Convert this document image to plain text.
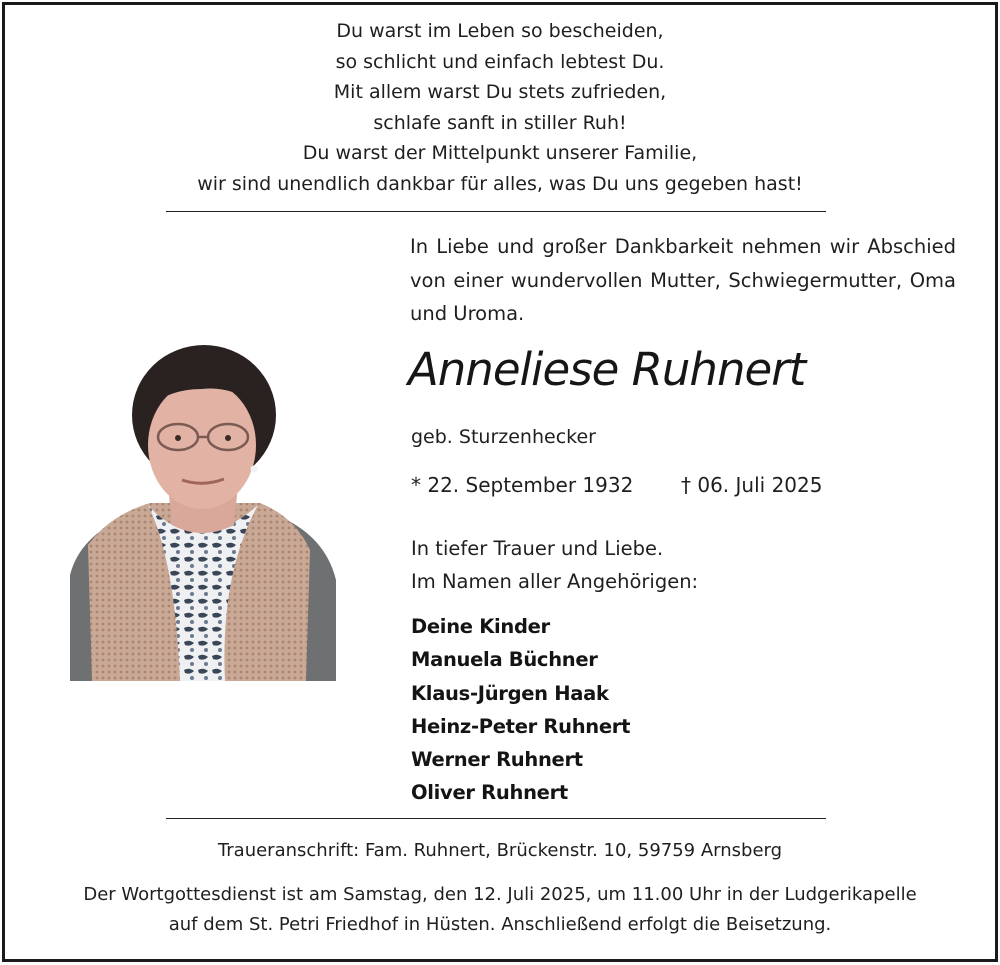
Du warst im Leben so bescheiden,
so schlicht und einfach lebtest Du.
Mit allem warst Du stets zufrieden,
schlafe sanft in stiller Ruh!
Du warst der Mittelpunkt unserer Familie,
wir sind unendlich dankbar für alles, was Du uns gegeben hast!
In Liebe und großer Dankbarkeit nehmen wir Abschied von einer wundervollen Mutter, Schwiegermutter, Oma und Uroma.
Anneliese Ruhnert
geb. Sturzenhecker
* 22. September 1932 † 06. Juli 2025
In tiefer Trauer und Liebe.
Im Namen aller Angehörigen:
Deine Kinder
Manuela Büchner
Klaus-Jürgen Haak
Heinz-Peter Ruhnert
Werner Ruhnert
Oliver Ruhnert
Traueranschrift: Fam. Ruhnert, Brückenstr. 10, 59759 Arnsberg
Der Wortgottesdienst ist am Samstag, den 12. Juli 2025, um 11.00 Uhr in der Ludgerikapelle
auf dem St. Petri Friedhof in Hüsten. Anschließend erfolgt die Beisetzung.
